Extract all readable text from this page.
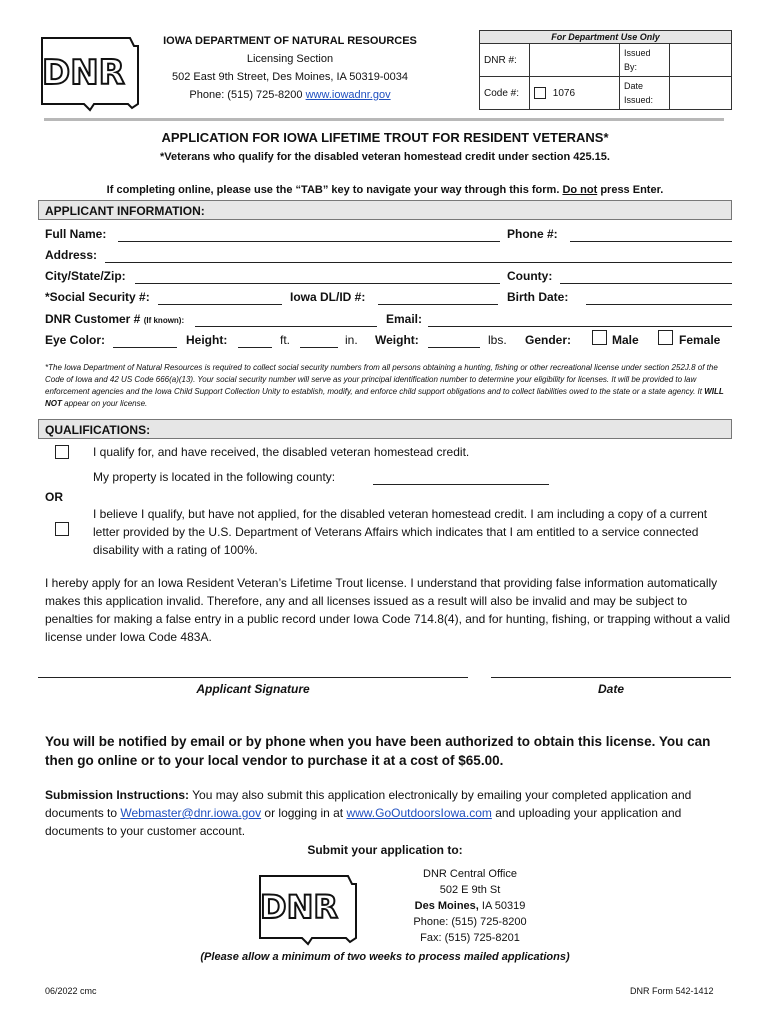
DNR
IOWA DEPARTMENT OF NATURAL RESOURCES
Licensing Section
502 East 9th Street, Des Moines, IA 50319-0034
Phone: (515) 725-8200 www.iowadnr.gov
For Department Use Only			
DNR #:		Issued By:	
Code #:	1076	Date Issued:	
APPLICATION FOR IOWA LIFETIME TROUT FOR RESIDENT VETERANS*
*Veterans who qualify for the disabled veteran homestead credit under section 425.15.
If completing online, please use the “TAB” key to navigate your way through this form. Do not press Enter.
APPLICANT INFORMATION:
Full Name:	Phone #:
Address:
City/State/Zip:	County:
*Social Security #:	Iowa DL/ID #:	Birth Date:
DNR Customer # (If known):	Email:
Eye Color:	Height:	ft.	in. Weight:	lbs. Gender:	Male	Female
*The Iowa Department of Natural Resources is required to collect social security numbers from all persons obtaining a hunting, fishing or other recreational license under section 252J.8 of the Code of Iowa and 42 US Code 666(a)(13). Your social security number will serve as your principal identification number to determine your eligibility for licenses. It will be provided to law enforcement agencies and the Iowa Child Support Collection Unity to establish, modify, and enforce child support obligations and to collect liabilities owed to the state or a state agency. It WILL NOT appear on your license.
QUALIFICATIONS:
I qualify for, and have received, the disabled veteran homestead credit.
My property is located in the following county:
OR
I believe I qualify, but have not applied, for the disabled veteran homestead credit. I am including a copy of a current letter provided by the U.S. Department of Veterans Affairs which indicates that I am entitled to a service connected disability with a rating of 100%.
I hereby apply for an Iowa Resident Veteran’s Lifetime Trout license. I understand that providing false information automatically makes this application invalid. Therefore, any and all licenses issued as a result will also be invalid and may be subject to penalties for making a false entry in a public record under Iowa Code 714.8(4), and for hunting, fishing, or trapping without a valid license under Iowa Code 483A.
Applicant Signature	Date
You will be notified by email or by phone when you have been authorized to obtain this license. You can then go online or to your local vendor to purchase it at a cost of $65.00.
Submission Instructions: You may also submit this application electronically by emailing your completed application and documents to Webmaster@dnr.iowa.gov or logging in at www.GoOutdoorsIowa.com and uploading your application and documents to your customer account.
Submit your application to:
DNR
DNR Central Office
502 E 9th St
Des Moines, IA 50319
Phone: (515) 725-8200
Fax: (515) 725-8201
(Please allow a minimum of two weeks to process mailed applications)
06/2022 cmc	DNR Form 542-1412
